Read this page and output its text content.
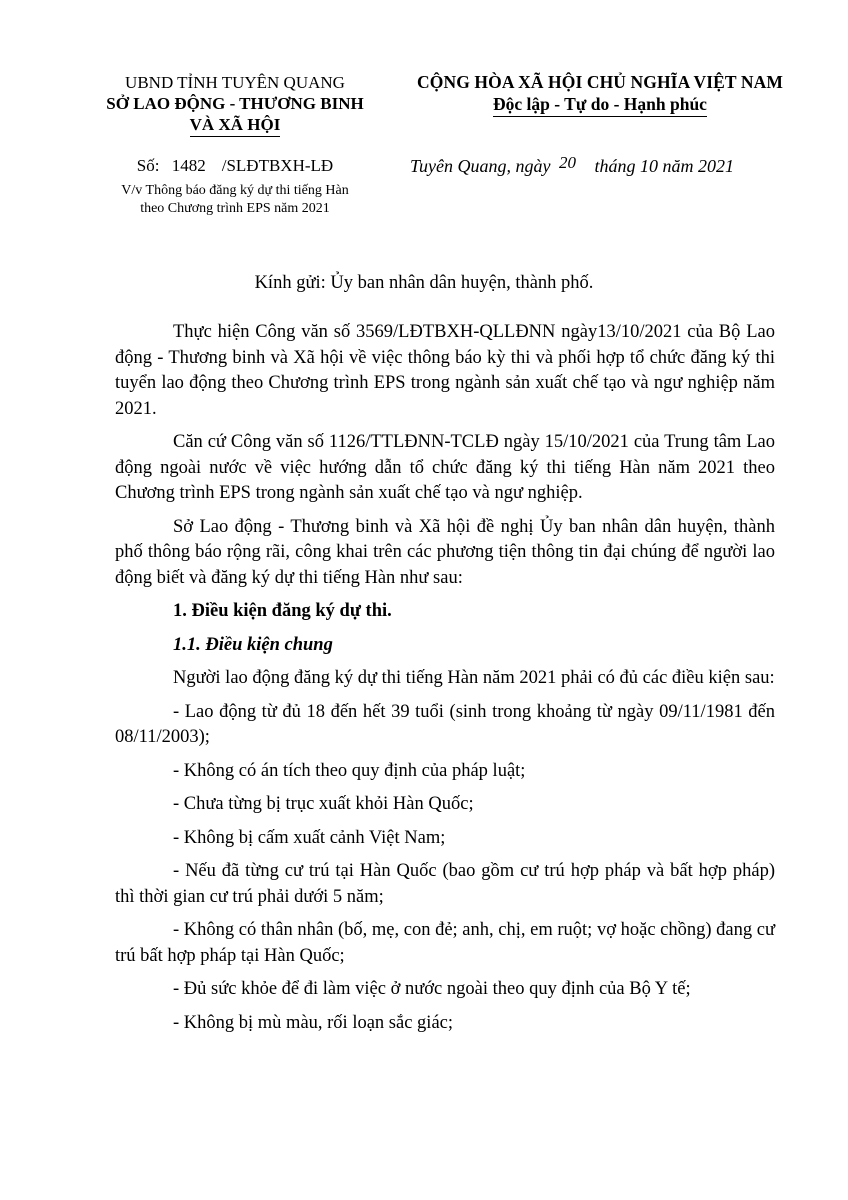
UBND TỈNH TUYÊN QUANG
SỞ LAO ĐỘNG - THƯƠNG BINH
VÀ XÃ HỘI
CỘNG HÒA XÃ HỘI CHỦ NGHĨA VIỆT NAM
Độc lập - Tự do - Hạnh phúc
Số: 1482 /SLĐTBXH-LĐ
V/v Thông báo đăng ký dự thi tiếng Hàn
theo Chương trình EPS năm 2021
Tuyên Quang, ngày 20 tháng 10 năm 2021
Kính gửi: Ủy ban nhân dân huyện, thành phố.

Thực hiện Công văn số 3569/LĐTBXH-QLLĐNN ngày13/10/2021 của Bộ Lao động - Thương binh và Xã hội về việc thông báo kỳ thi và phối hợp tổ chức đăng ký thi tuyển lao động theo Chương trình EPS trong ngành sản xuất chế tạo và ngư nghiệp năm 2021.

Căn cứ Công văn số 1126/TTLĐNN-TCLĐ ngày 15/10/2021 của Trung tâm Lao động ngoài nước về việc hướng dẫn tổ chức đăng ký thi tiếng Hàn năm 2021 theo Chương trình EPS trong ngành sản xuất chế tạo và ngư nghiệp.

Sở Lao động - Thương binh và Xã hội đề nghị Ủy ban nhân dân huyện, thành phố thông báo rộng rãi, công khai trên các phương tiện thông tin đại chúng để người lao động biết và đăng ký dự thi tiếng Hàn như sau:

1. Điều kiện đăng ký dự thi.

1.1. Điều kiện chung

Người lao động đăng ký dự thi tiếng Hàn năm 2021 phải có đủ các điều kiện sau:

- Lao động từ đủ 18 đến hết 39 tuổi (sinh trong khoảng từ ngày 09/11/1981 đến 08/11/2003);

- Không có án tích theo quy định của pháp luật;

- Chưa từng bị trục xuất khỏi Hàn Quốc;

- Không bị cấm xuất cảnh Việt Nam;

- Nếu đã từng cư trú tại Hàn Quốc (bao gồm cư trú hợp pháp và bất hợp pháp) thì thời gian cư trú phải dưới 5 năm;

- Không có thân nhân (bố, mẹ, con đẻ; anh, chị, em ruột; vợ hoặc chồng) đang cư trú bất hợp pháp tại Hàn Quốc;

- Đủ sức khỏe để đi làm việc ở nước ngoài theo quy định của Bộ Y tế;

- Không bị mù màu, rối loạn sắc giác;
